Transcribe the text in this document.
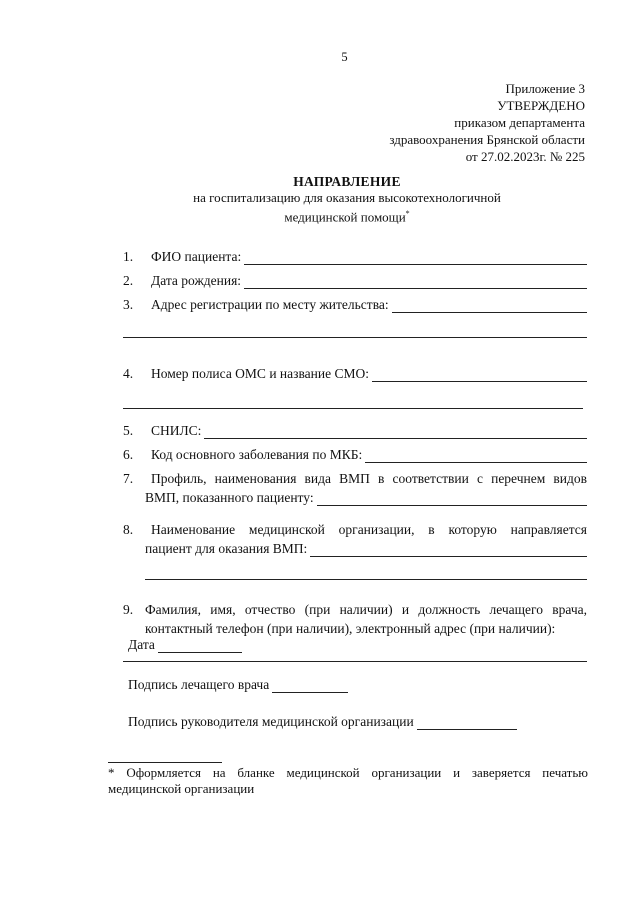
5
Приложение 3
УТВЕРЖДЕНО
приказом департамента
здравоохранения Брянской области
от 27.02.2023г. № 225
НАПРАВЛЕНИЕ
на госпитализацию для оказания высокотехнологичной
медицинской помощи*
1.	ФИО пациента:
2.	Дата рождения:
3.	Адрес регистрации по месту жительства:
4.	Номер полиса ОМС и название СМО:
5.	СНИЛС:
6.	Код основного заболевания по МКБ:
7.	Профиль, наименования вида ВМП в соответствии с перечнем видов
ВМП, показанного пациенту:
8.	Наименование медицинской организации, в которую направляется
пациент для оказания ВМП:
9. Фамилия, имя, отчество (при наличии) и должность лечащего врача,
контактный телефон (при наличии), электронный адрес (при наличии):
Дата
Подпись лечащего врача
Подпись руководителя медицинской организации
* Оформляется на бланке медицинской организации и заверяется печатью
медицинской организации
